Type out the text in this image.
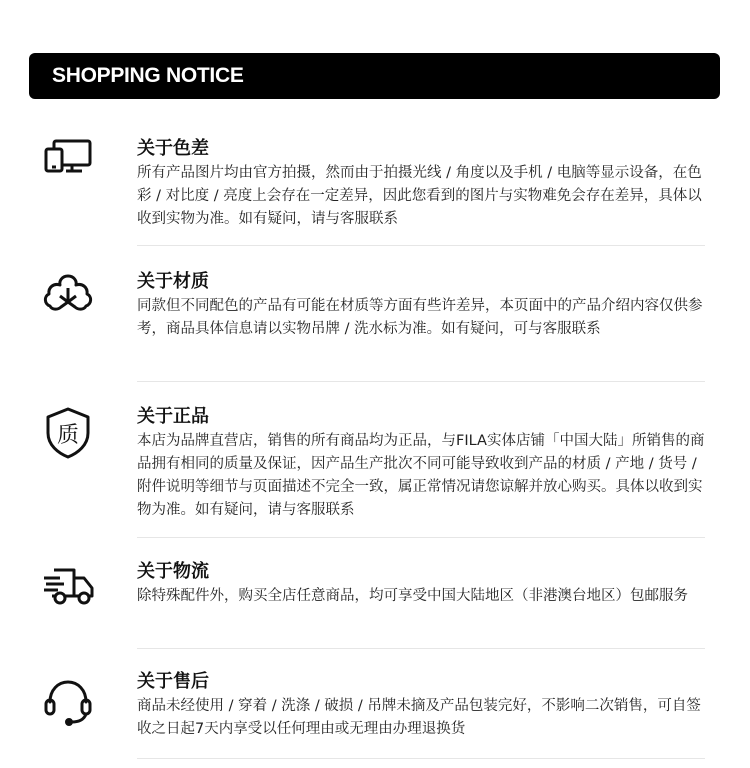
SHOPPING NOTICE
关于色差
所有产品图片均由官方拍摄，然而由于拍摄光线 / 角度以及手机 / 电脑等显示设备，在色彩 / 对比度 / 亮度上会存在一定差异，因此您看到的图片与实物难免会存在差异，具体以收到实物为准。如有疑问，请与客服联系
关于材质
同款但不同配色的产品有可能在材质等方面有些许差异，本页面中的产品介绍内容仅供参考，商品具体信息请以实物吊牌 / 洗水标为准。如有疑问，可与客服联系
质
关于正品
本店为品牌直营店，销售的所有商品均为正品，与FILA实体店铺「中国大陆」所销售的商品拥有相同的质量及保证，因产品生产批次不同可能导致收到产品的材质 / 产地 / 货号 / 附件说明等细节与页面描述不完全一致，属正常情况请您谅解并放心购买。具体以收到实物为准。如有疑问，请与客服联系
关于物流
除特殊配件外，购买全店任意商品，均可享受中国大陆地区（非港澳台地区）包邮服务
关于售后
商品未经使用 / 穿着 / 洗涤 / 破损 / 吊牌未摘及产品包装完好，不影响二次销售，可自签收之日起7天内享受以任何理由或无理由办理退换货
